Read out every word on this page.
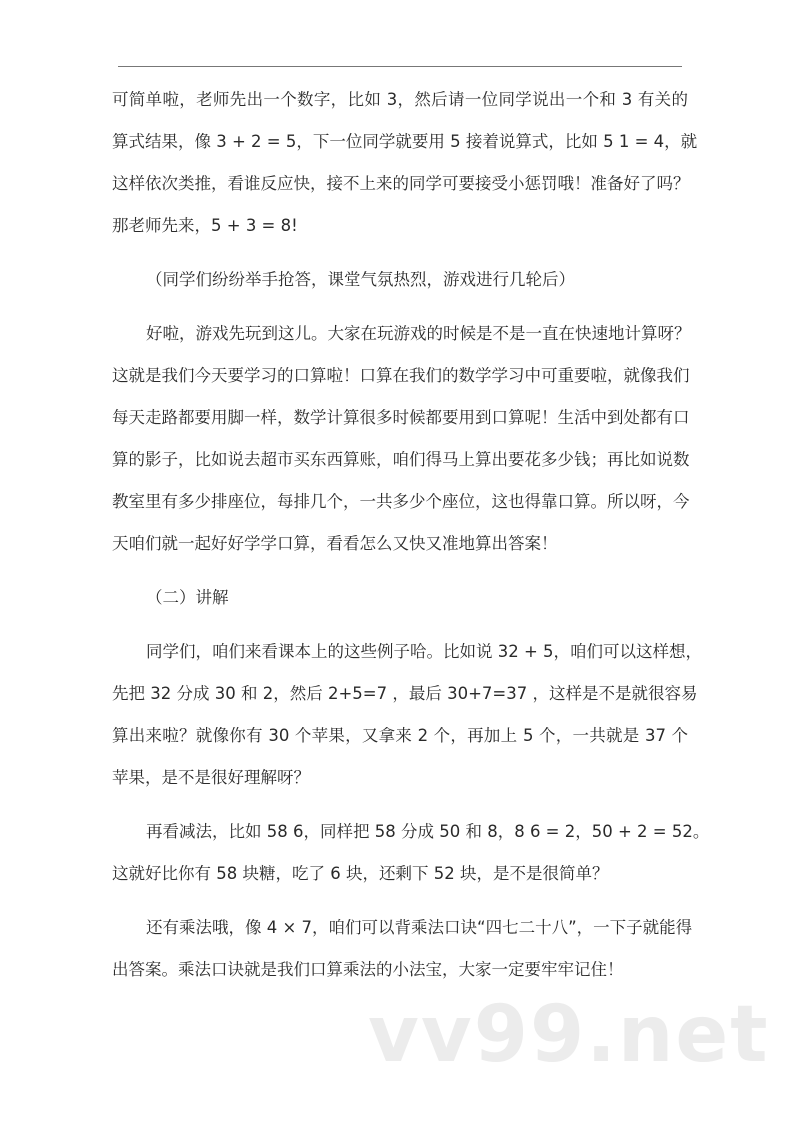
可简单啦，老师先出一个数字，比如 3，然后请一位同学说出一个和 3 有关的
算式结果，像 3 + 2 = 5，下一位同学就要用 5 接着说算式，比如 5 1 = 4，就
这样依次类推，看谁反应快，接不上来的同学可要接受小惩罚哦！准备好了吗？
那老师先来，5 + 3 = 8!
（同学们纷纷举手抢答，课堂气氛热烈，游戏进行几轮后）
好啦，游戏先玩到这儿。大家在玩游戏的时候是不是一直在快速地计算呀？
这就是我们今天要学习的口算啦！口算在我们的数学学习中可重要啦，就像我们
每天走路都要用脚一样，数学计算很多时候都要用到口算呢！生活中到处都有口
算的影子，比如说去超市买东西算账，咱们得马上算出要花多少钱；再比如说数
教室里有多少排座位，每排几个，一共多少个座位，这也得靠口算。所以呀，今
天咱们就一起好好学学口算，看看怎么又快又准地算出答案！
（二）讲解
同学们，咱们来看课本上的这些例子哈。比如说 32 + 5，咱们可以这样想，
先把 32 分成 30 和 2，然后 2+5=7 ，最后 30+7=37 ，这样是不是就很容易
算出来啦？就像你有 30 个苹果，又拿来 2 个，再加上 5 个，一共就是 37 个
苹果，是不是很好理解呀？
再看减法，比如 58 6，同样把 58 分成 50 和 8，8 6 = 2，50 + 2 = 52。
这就好比你有 58 块糖，吃了 6 块，还剩下 52 块，是不是很简单？
还有乘法哦，像 4 × 7，咱们可以背乘法口诀“四七二十八”，一下子就能得
出答案。乘法口诀就是我们口算乘法的小法宝，大家一定要牢牢记住！
vv99.net
